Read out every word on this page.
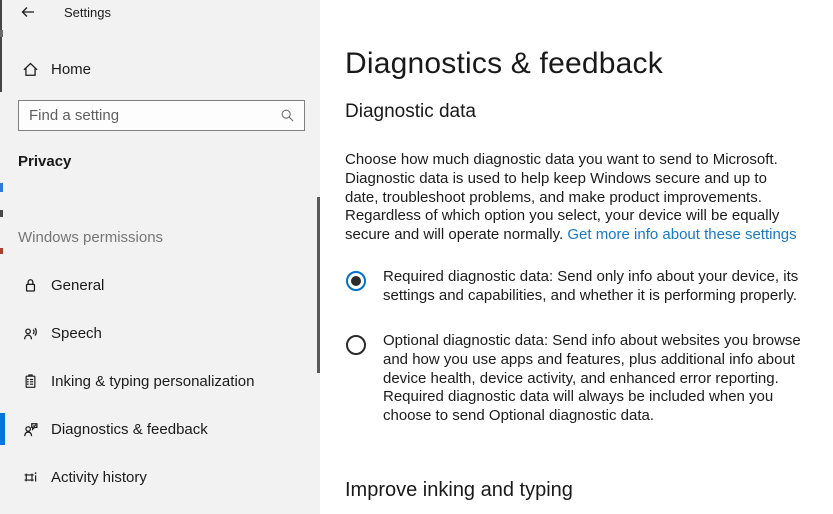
Settings
Home
Find a setting
Privacy
Windows permissions
General
Speech
Inking & typing personalization
Diagnostics & feedback
Activity history
Diagnostics & feedback
Diagnostic data

Choose how much diagnostic data you want to send to Microsoft. Diagnostic data is used to help keep Windows secure and up to date, troubleshoot problems, and make product improvements. Regardless of which option you select, your device will be equally secure and will operate normally. Get more info about these settings

Required diagnostic data: Send only info about your device, its settings and capabilities, and whether it is performing properly.
Optional diagnostic data: Send info about websites you browse and how you use apps and features, plus additional info about device health, device activity, and enhanced error reporting. Required diagnostic data will always be included when you choose to send Optional diagnostic data.
Improve inking and typing
